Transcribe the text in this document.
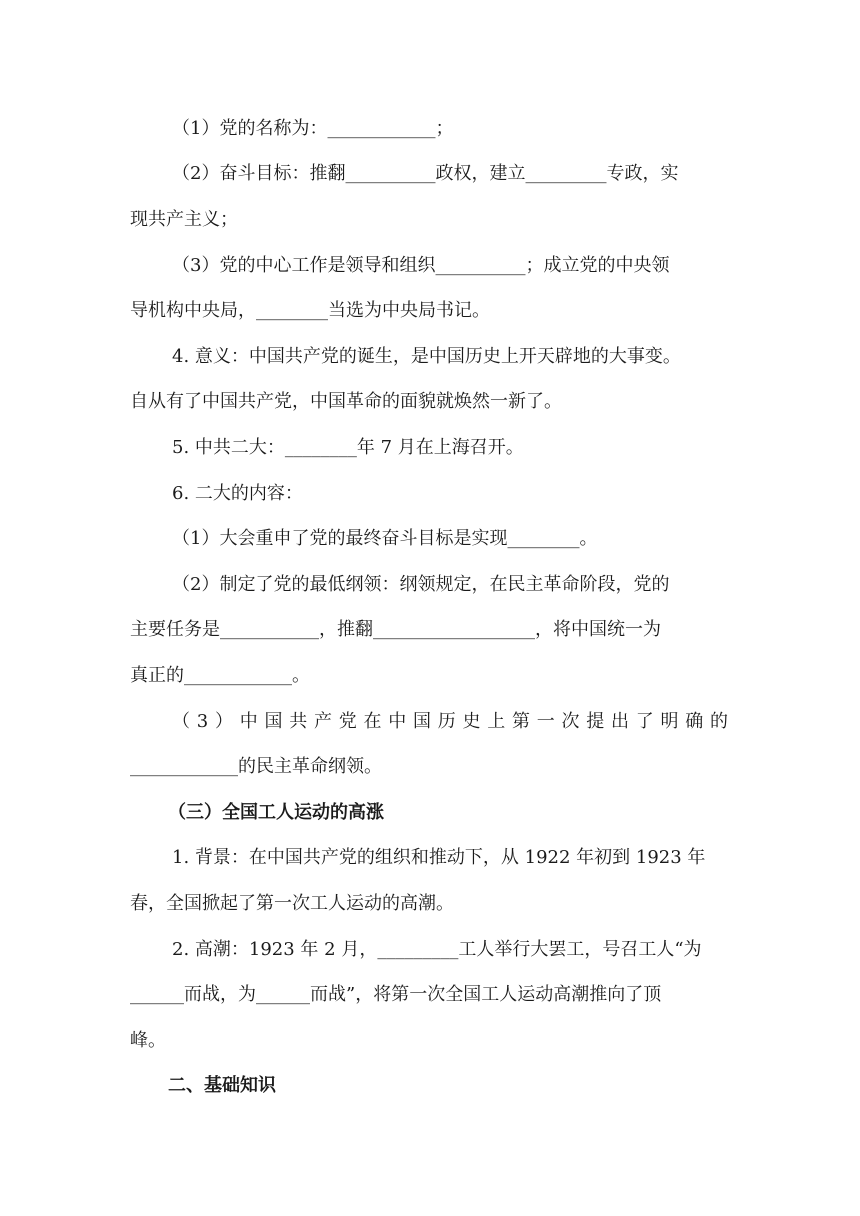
（1）党的名称为：____________；
（2）奋斗目标：推翻__________政权，建立_________专政，实
现共产主义；
（3）党的中心工作是领导和组织__________；成立党的中央领
导机构中央局，________当选为中央局书记。
4. 意义：中国共产党的诞生，是中国历史上开天辟地的大事变。
自从有了中国共产党，中国革命的面貌就焕然一新了。
5. 中共二大：________年 7 月在上海召开。
6. 二大的内容：
（1）大会重申了党的最终奋斗目标是实现________。
（2）制定了党的最低纲领：纲领规定，在民主革命阶段，党的
主要任务是___________，推翻__________________，将中国统一为
真正的____________。
（3）中国共产党在中国历史上第一次提出了明确的
____________的民主革命纲领。
（三）全国工人运动的高涨
1. 背景：在中国共产党的组织和推动下，从 1922 年初到 1923 年
春，全国掀起了第一次工人运动的高潮。
2. 高潮：1923 年 2 月，_________工人举行大罢工，号召工人“为
______而战，为______而战”，将第一次全国工人运动高潮推向了顶
峰。
二、基础知识
